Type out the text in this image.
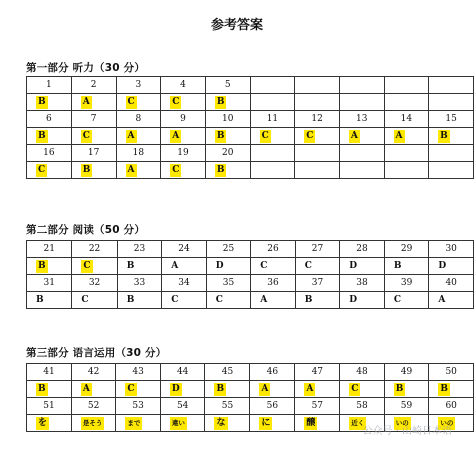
参考答案
第一部分 听力（30 分）
1	2	3	4	5					
B	A	C	C	B					
6	7	8	9	10	11	12	13	14	15
B	C	A	A	B	C	C	A	A	B
16	17	18	19	20					
C	B	A	C	B					
第二部分 阅读（50 分）
21	22	23	24	25	26	27	28	29	30
B	C	B	A	D	C	C	D	B	D
31	32	33	34	35	36	37	38	39	40
B	C	B	C	C	A	B	D	C	A
第三部分 语言运用（30 分）
41	42	43	44	45	46	47	48	49	50
B	A	C	D	B	A	A	C	B	B
51	52	53	54	55	56	57	58	59	60
を	是そう	まで	違い	な	に	醸	近く	いの	いの
公众号 · 山崎日本语
